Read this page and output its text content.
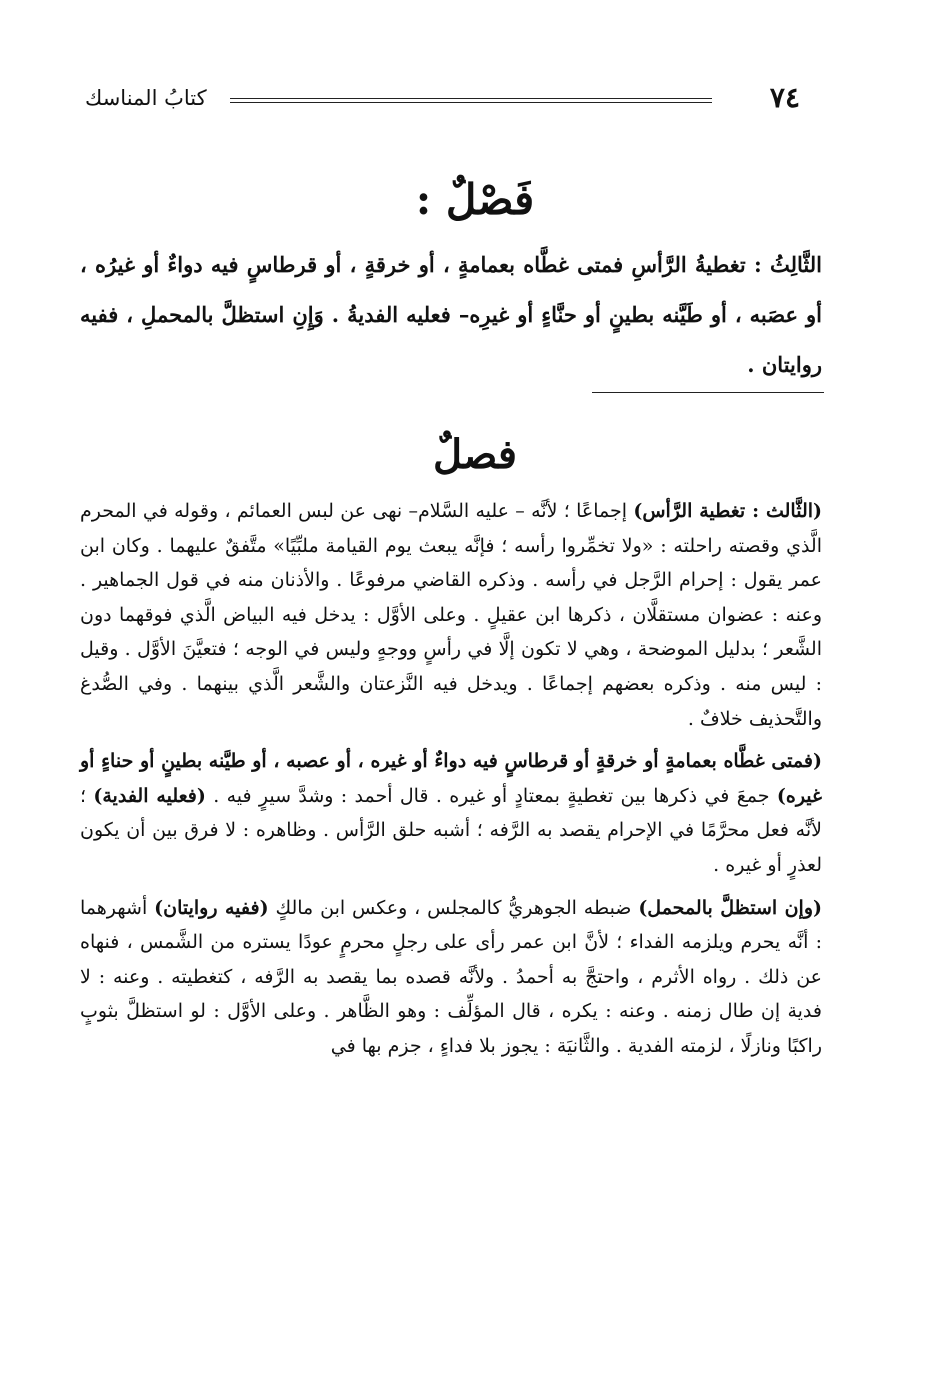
٧٤
كتابُ المناسك
فَصْلٌ :
الثَّالِثُ : تغطيةُ الرَّأسِ فمتى غطَّاه بعمامةٍ ، أو خرقةٍ ، أو قرطاسٍ فيه دواءٌ أو غيرُه ، أو عصَبه ، أو طَيَّنه بطينٍ أو حنَّاءٍ أو غيرِه– فعليه الفديةُ . وَإِنِ استظلَّ بالمحملِ ، ففيه روايتان .
فصلٌ

(الثَّالث : تغطية الرَّأس) إجماعًا ؛ لأنَّه – عليه السَّلام– نهى عن لبس العمائم ، وقوله في المحرم الَّذي وقصته راحلته : «ولا تخمِّروا رأسه ؛ فإنَّه يبعث يوم القيامة ملبِّيًا» متَّفقٌ عليهما . وكان ابن عمر يقول : إحرام الرَّجل في رأسه . وذكره القاضي مرفوعًا . والأذنان منه في قول الجماهير . وعنه : عضوان مستقلَّان ، ذكرها ابن عقيلٍ . وعلى الأوَّل : يدخل فيه البياض الَّذي فوقهما دون الشَّعر ؛ بدليل الموضحة ، وهي لا تكون إلَّا في رأسٍ ووجهٍ وليس في الوجه ؛ فتعيَّنَ الأوَّل . وقيل : ليس منه . وذكره بعضهم إجماعًا . ويدخل فيه النَّزعتان والشَّعر الَّذي بينهما . وفي الصُّدغ والتَّحذيف خلافٌ .

(فمتى غطَّاه بعمامةٍ أو خرقةٍ أو قرطاسٍ فيه دواءٌ أو غيره ، أو عصبه ، أو طيَّنه بطينٍ أو حناءٍ أو غيره) جمعَ في ذكرها بين تغطيةٍ بمعتادٍ أو غيره . قال أحمد : وشدَّ سيرٍ فيه . (فعليه الفدية) ؛ لأنَّه فعل محرَّمًا في الإحرام يقصد به الرَّفه ؛ أشبه حلق الرَّأس . وظاهره : لا فرق بين أن يكون لعذرٍ أو غيره .

(وإن استظلَّ بالمحمل) ضبطه الجوهريُّ كالمجلس ، وعكس ابن مالكٍ (ففيه روايتان) أشهرهما : أنَّه يحرم ويلزمه الفداء ؛ لأنَّ ابن عمر رأى على رجلٍ محرمٍ عودًا يستره من الشَّمس ، فنهاه عن ذلك . رواه الأثرم ، واحتجَّ به أحمدُ . ولأنَّه قصده بما يقصد به الرَّفه ، كتغطيته . وعنه : لا فدية إن طال زمنه . وعنه : يكره ، قال المؤلِّف : وهو الظَّاهر . وعلى الأوَّل : لو استظلَّ بثوبٍ راكبًا ونازلًا ، لزمته الفدية . والثَّانيَة : يجوز بلا فداءٍ ، جزم بها في
